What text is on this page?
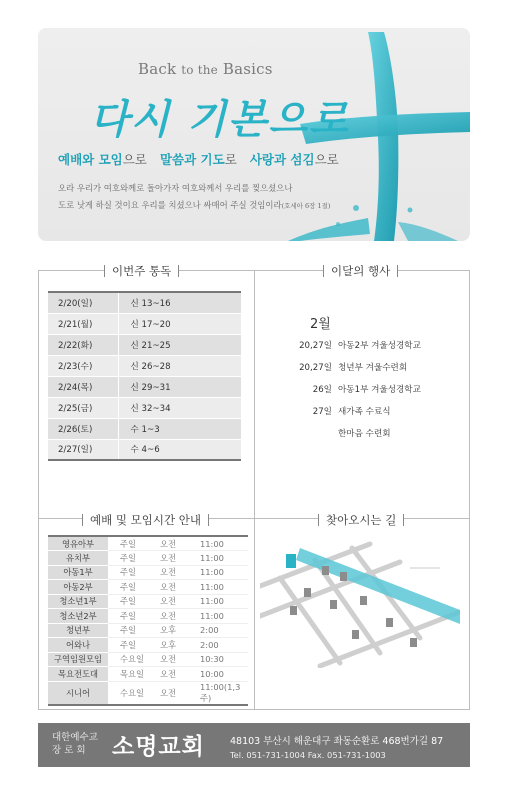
Back to the Basics
다시 기본으로
예배와 모임으로 말씀과 기도로 사랑과 섬김으로
오라 우리가 여호와께로 돌아가자 여호와께서 우리를 찢으셨으나
도로 낫게 하실 것이요 우리를 치셨으나 싸매어 주실 것임이라(호세아 6장 1절)
이번주 통독
2/20(일)	신 13~16
2/21(월)	신 17~20
2/22(화)	신 21~25
2/23(수)	신 26~28
2/24(목)	신 29~31
2/25(금)	신 32~34
2/26(토)	수 1~3
2/27(일)	수 4~6
이달의 행사
2월
20,27일 아동2부 겨울성경학교
20,27일 청년부 겨울수련회
26일 아동1부 겨울성경학교
27일 새가족 수료식
한마음 수련회
예배 및 모임시간 안내
영유아부	주일	오전	11:00
유치부	주일	오전	11:00
아동1부	주일	오전	11:00
아동2부	주일	오전	11:00
청소년1부	주일	오전	11:00
청소년2부	주일	오전	11:00
청년부	주일	오후	2:00
어와나	주일	오후	2:00
구역임원모임	수요일	오전	10:30
목요전도대	목요일	오전	10:00
시니어	수요일	오전	11:00(1,3주)
찾아오시는 길
대한예수교
장 로 회	소명교회	48103 부산시 해운대구 좌동순환로 468번가길 87
Tel. 051-731-1004 Fax. 051-731-1003
